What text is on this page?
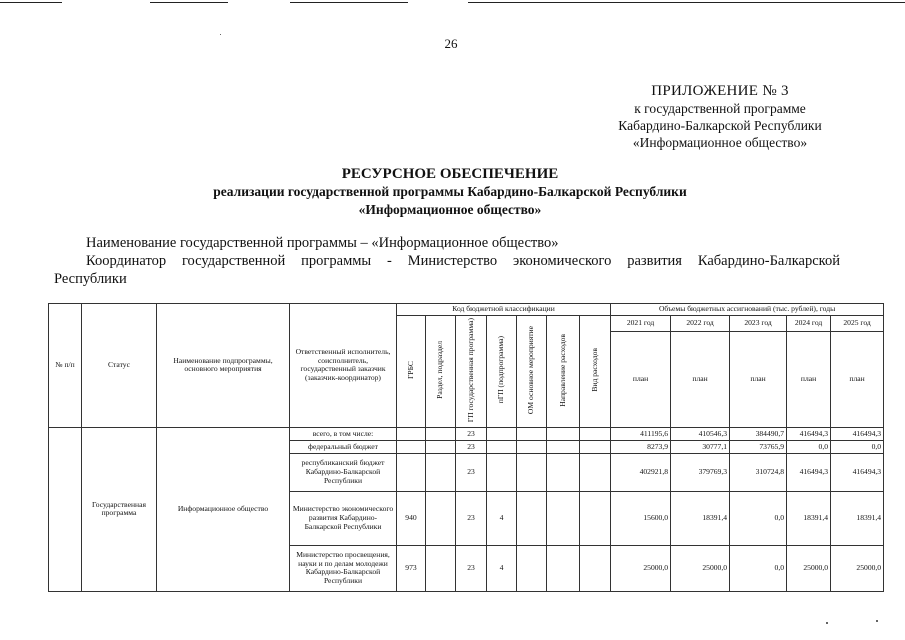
26
ПРИЛОЖЕНИЕ № 3
к государственной программе
Кабардино-Балкарской Республики
«Информационное общество»
РЕСУРСНОЕ ОБЕСПЕЧЕНИЕ
реализации государственной программы Кабардино-Балкарской Республики
«Информационное общество»
Наименование государственной программы – «Информационное общество»
Координатор государственной программы - Министерство экономического развития Кабардино-Балкарской
Республики
№ п/п	Статус	Наименование подпрограммы, основного мероприятия	Ответственный исполнитель, соисполнитель, государственный заказчик (заказчик-координатор)	Код бюджетной классификации							Объемы бюджетных ассигнований (тыс. рублей), годы				
				ГРБС	Раздел, подраздел	ГП государственная программа)	пГП (подпрограмма)	ОМ основное мероприятие	Направление расходов	Вид расходов	2021 год	2022 год	2023 год	2024 год	2025 год
											план	план	план	план	план
	Государственная программа	Информационное общество	всего, в том числе:			23					411195,6	410546,3	384490,7	416494,3	416494,3
			федеральный бюджет			23					8273,9	30777,1	73765,9	0,0	0,0
			республиканский бюджет Кабардино-Балкарской Республики			23					402921,8	379769,3	310724,8	416494,3	416494,3
			Министерство экономического развития Кабардино-Балкарской Республики	940		23	4				15600,0	18391,4	0,0	18391,4	18391,4
			Министерство просвещения, науки и по делам молодежи Кабардино-Балкарской Республики	973		23	4				25000,0	25000,0	0,0	25000,0	25000,0
